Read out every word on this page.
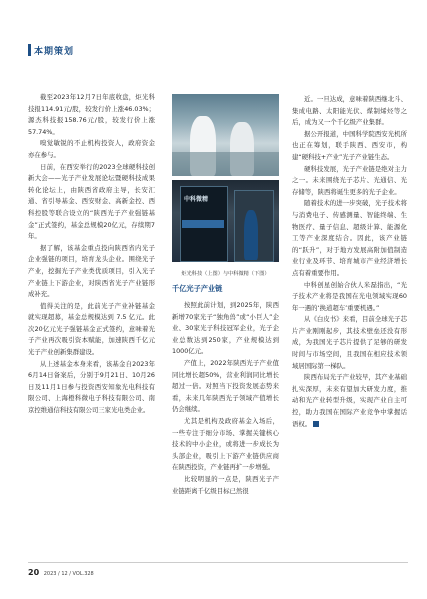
本期策划

截至2023年12月7日年底收盘，炬光科技报114.91元/股，较发行价上涨46.03%；源杰科技报158.76元/股，较发行价上涨57.74%。

嗅觉敏锐的不止机构投资人，政府资金亦在参与。

日前，在西安举行的2023全球硬科技创新大会——光子产业发展论坛暨硬科技成果转化论坛上，由陕西省政府主导，长安汇通、省引导基金、西安财金、高新金控、西科控股等联合设立的“陕西光子产业强链基金”正式签约，基金总规模20亿元，存续期7年。

据了解，该基金重点投向陕西省内光子企业强链的项目，培育龙头企业。围绕光子产业，挖掘光子产业类优质项目，引入光子产业链上下游企业，对陕西省光子产业链形成补充。

值得关注的是，此前光子产业补链基金就实现超募，基金总规模达到 7.5 亿元。此次20亿元光子强链基金正式签约，意味着光子产业再次吸引资本赋能，加速陕西千亿元光子产业创新集群建设。

从上述基金本身来看，该基金自2023年6月14日备案后，分别于9月21日、10月26日及11月1日参与投资西安知象光电科技有限公司、上海橙科微电子科技有限公司、南京控维通信科技有限公司三家光电类企业。

中科微精
炬光科技（上图）与中科微精（下图）
千亿光子产业链

按照此前计划，到2025年，陕西新增70家光子“独角兽”或“小巨人”企业、30家光子科技冠军企业，光子企业总数达到250家，产业规模达到1000亿元。

产值上，2022年陕西光子产业值同比增长超50%，营业利润同比增长超过一倍。对照当下投资发展态势来看，未来几年陕西光子领域产值增长仍会继续。

尤其是机构及政府基金入场后，一些专注于细分市场、掌握关键核心技术的中小企业，或将进一步成长为头部企业，吸引上下游产业链供应商在陕西投资，产业链再扩一步增强。

比较明显的一点是，陕西光子产业链距离千亿级目标已然很

近。一旦达成，意味着陕西继北斗、集成电路、太阳能光伏、煤制烯烃等之后，成为又一个千亿级产业集群。

据公开报道，中国科学院西安光机所也正在筹划，联手陕西、西安市，构建“硬科技+产业”光子产业链生态。

硬科技发展，光子产业链是绝对主力之一。未来围绕光子芯片、光通信、光存储等，陕西将诞生更多的光子企业。

随着技术的进一步突破，光子技术将与消费电子、传感测量、智能终端、生物医疗、量子信息、超级计算、能源化工等产业深度结合。因此，该产业链的“跃升”，对于地方发展高附加值制造业行业及环节、培育城市产业经济增长点有着重要作用。

中科创星创始合伙人米磊指出，“光子技术产业将是我国在光电领域实现60年一遇的‘换道超车’重要机遇。”

从《白皮书》来看，目前全球光子芯片产业刚刚起步，其技术壁垒还没有形成，为我国光子芯片提供了足够的研发时间与市场空间，且我国在相应技术领域居国际第一梯队。

陕西布局光子产业较早，其产业基础扎实深厚，未来有望加大研发力度，推动和光产业转型升级，实现产业自主可控，助力我国在国际产业竞争中掌握话语权。

20 2023 / 12 / VOL.328
